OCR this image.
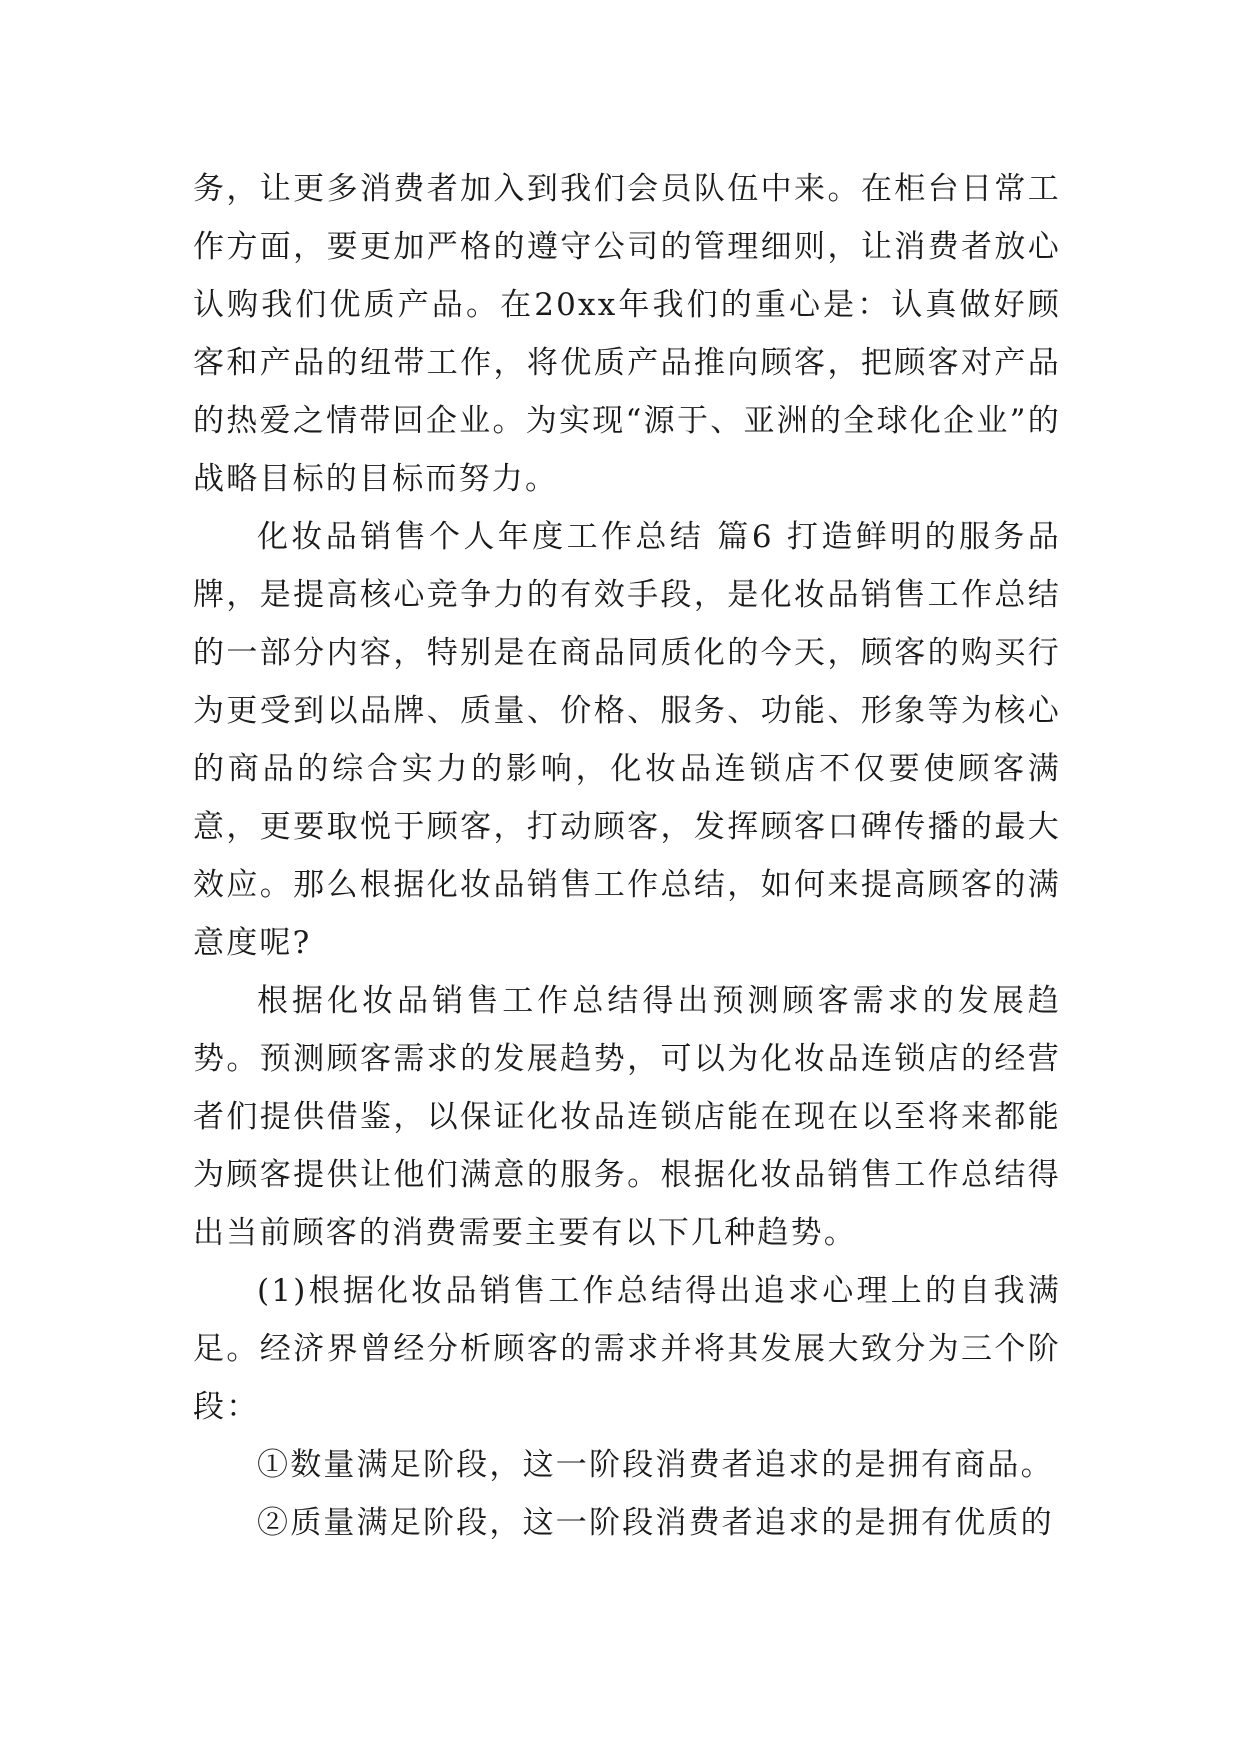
务，让更多消费者加入到我们会员队伍中来。在柜台日常工作方面，要更加严格的遵守公司的管理细则，让消费者放心认购我们优质产品。在20xx年我们的重心是：认真做好顾客和产品的纽带工作，将优质产品推向顾客，把顾客对产品的热爱之情带回企业。为实现“源于、亚洲的全球化企业”的战略目标的目标而努力。

化妆品销售个人年度工作总结 篇6 打造鲜明的服务品牌，是提高核心竞争力的有效手段，是化妆品销售工作总结的一部分内容，特别是在商品同质化的今天，顾客的购买行为更受到以品牌、质量、价格、服务、功能、形象等为核心的商品的综合实力的影响，化妆品连锁店不仅要使顾客满意，更要取悦于顾客，打动顾客，发挥顾客口碑传播的最大效应。那么根据化妆品销售工作总结，如何来提高顾客的满意度呢?

根据化妆品销售工作总结得出预测顾客需求的发展趋势。预测顾客需求的发展趋势，可以为化妆品连锁店的经营者们提供借鉴，以保证化妆品连锁店能在现在以至将来都能为顾客提供让他们满意的服务。根据化妆品销售工作总结得出当前顾客的消费需要主要有以下几种趋势。

(1)根据化妆品销售工作总结得出追求心理上的自我满足。经济界曾经分析顾客的需求并将其发展大致分为三个阶段：

①数量满足阶段，这一阶段消费者追求的是拥有商品。

②质量满足阶段，这一阶段消费者追求的是拥有优质的
